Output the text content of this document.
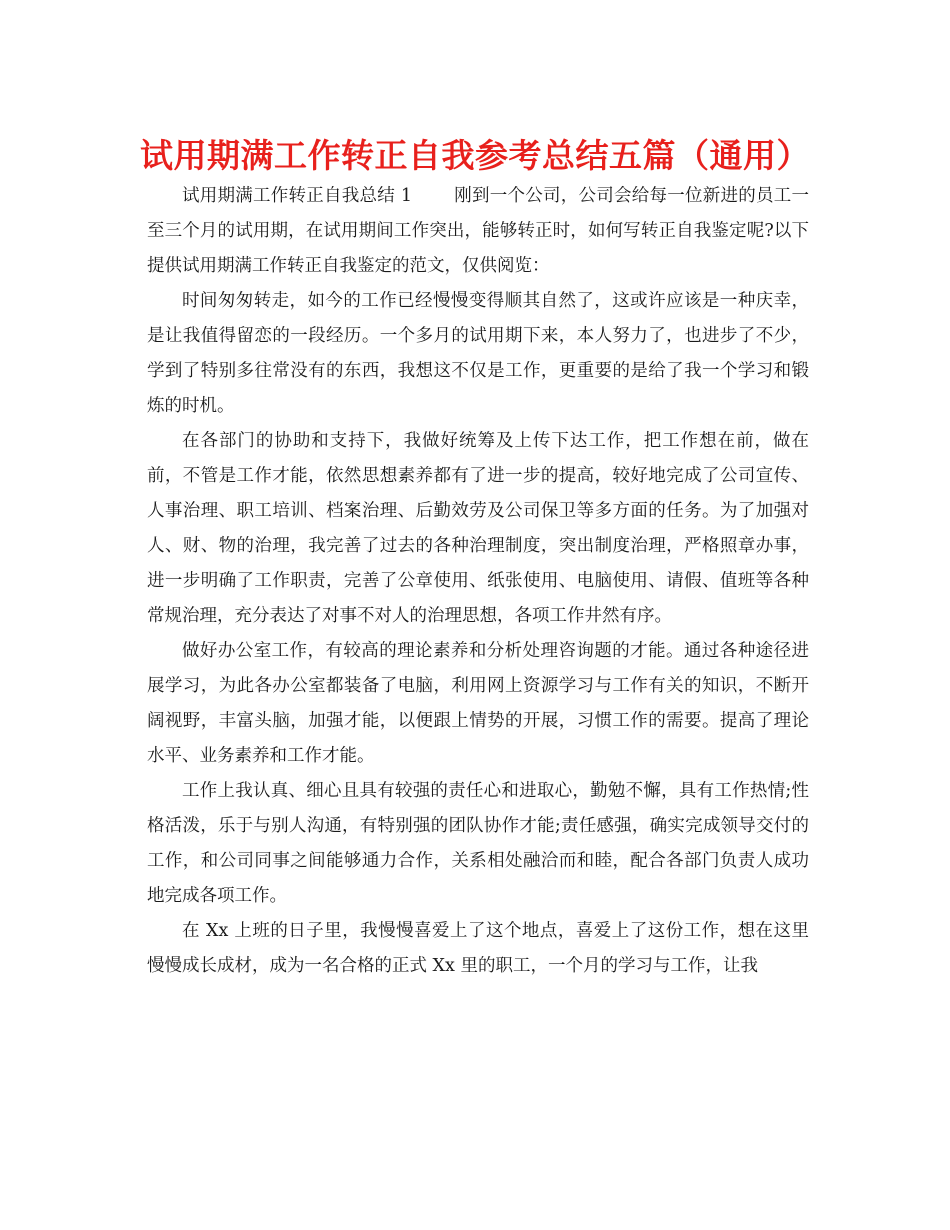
试用期满工作转正自我参考总结五篇（通用）

试用期满工作转正自我总结 1 刚到一个公司，公司会给每一位新进的员工一至三个月的试用期，在试用期间工作突出，能够转正时，如何写转正自我鉴定呢?以下提供试用期满工作转正自我鉴定的范文，仅供阅览：

时间匆匆转走，如今的工作已经慢慢变得顺其自然了，这或许应该是一种庆幸，是让我值得留恋的一段经历。一个多月的试用期下来，本人努力了，也进步了不少，学到了特别多往常没有的东西，我想这不仅是工作，更重要的是给了我一个学习和锻炼的时机。

在各部门的协助和支持下，我做好统筹及上传下达工作，把工作想在前，做在前，不管是工作才能，依然思想素养都有了进一步的提高，较好地完成了公司宣传、人事治理、职工培训、档案治理、后勤效劳及公司保卫等多方面的任务。为了加强对人、财、物的治理，我完善了过去的各种治理制度，突出制度治理，严格照章办事，进一步明确了工作职责，完善了公章使用、纸张使用、电脑使用、请假、值班等各种常规治理，充分表达了对事不对人的治理思想，各项工作井然有序。

做好办公室工作，有较高的理论素养和分析处理咨询题的才能。通过各种途径进展学习，为此各办公室都装备了电脑，利用网上资源学习与工作有关的知识，不断开阔视野，丰富头脑，加强才能，以便跟上情势的开展，习惯工作的需要。提高了理论水平、业务素养和工作才能。

工作上我认真、细心且具有较强的责任心和进取心，勤勉不懈，具有工作热情;性格活泼，乐于与别人沟通，有特别强的团队协作才能;责任感强，确实完成领导交付的工作，和公司同事之间能够通力合作，关系相处融洽而和睦，配合各部门负责人成功地完成各项工作。

在 Xx 上班的日子里，我慢慢喜爱上了这个地点，喜爱上了这份工作，想在这里慢慢成长成材，成为一名合格的正式 Xx 里的职工，一个月的学习与工作，让我
